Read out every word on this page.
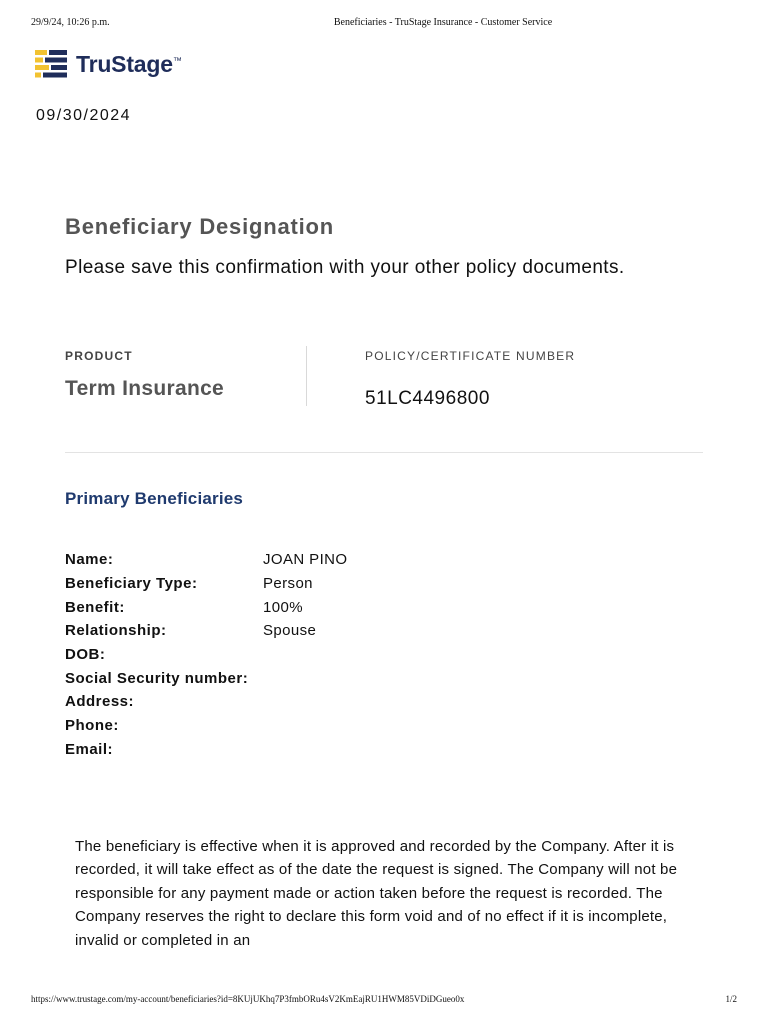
29/9/24, 10:26 p.m.	Beneficiaries - TruStage Insurance - Customer Service
TruStage™
09/30/2024
Beneficiary Designation
Please save this confirmation with your other policy documents.
PRODUCT
Term Insurance
POLICY/CERTIFICATE NUMBER
51LC4496800
Primary Beneficiaries
Name:	JOAN PINO
Beneficiary Type:	Person
Benefit:	100%
Relationship:	Spouse
DOB:
Social Security number:
Address:
Phone:
Email:

The beneficiary is effective when it is approved and recorded by the Company. After it is recorded, it will take effect as of the date the request is signed. The Company will not be responsible for any payment made or action taken before the request is recorded. The Company reserves the right to declare this form void and of no effect if it is incomplete, invalid or completed in an

https://www.trustage.com/my-account/beneficiaries?id=8KUjUKhq7P3fmbORu4sV2KmEajRU1HWM85VDiDGueo0x	1/2
